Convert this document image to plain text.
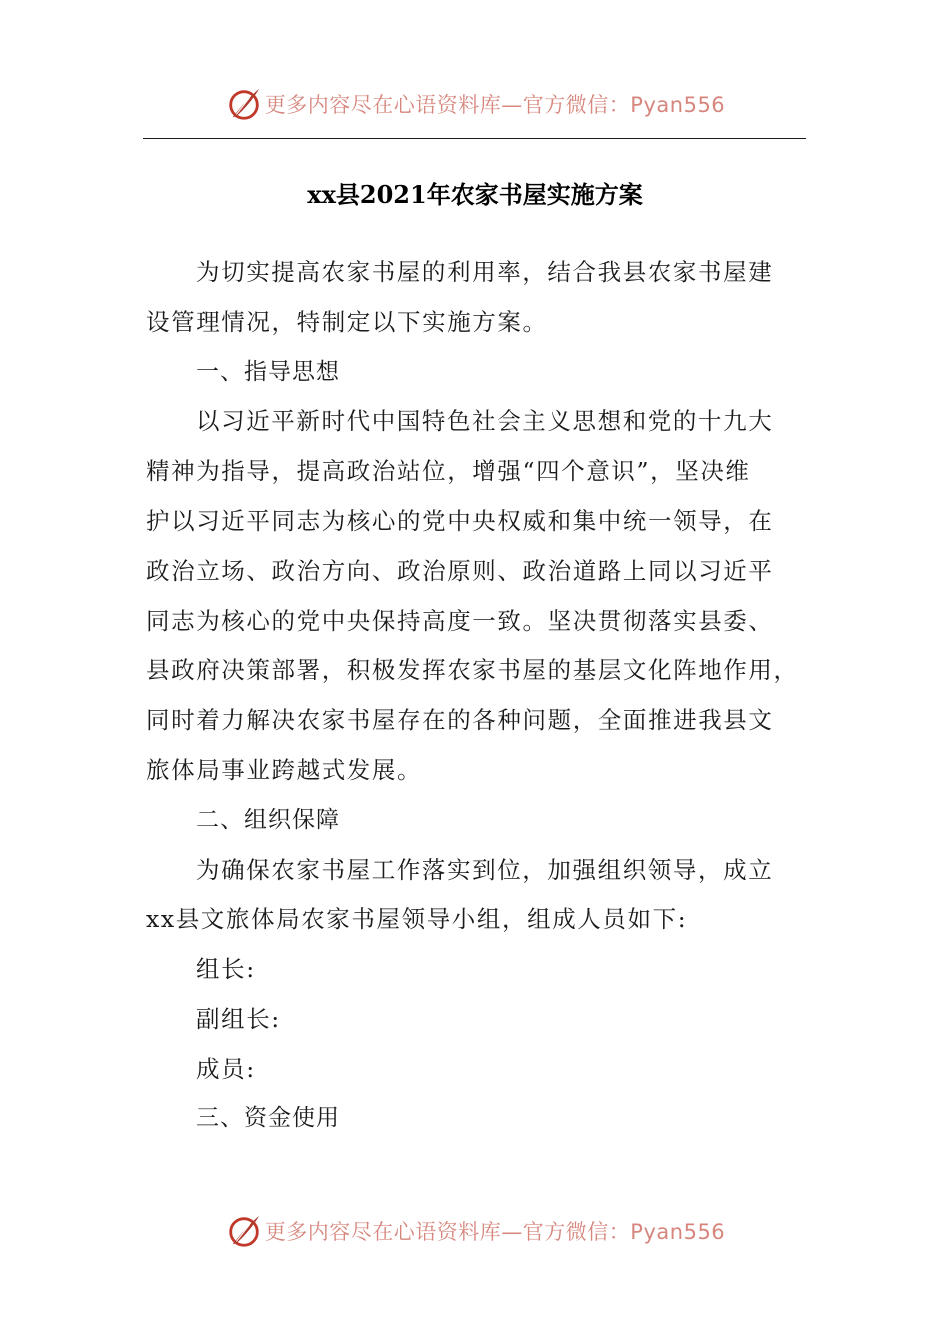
更多内容尽在心语资料库—官方微信：Pyan556
xx县2021年农家书屋实施方案
为切实提高农家书屋的利用率，结合我县农家书屋建
设管理情况，特制定以下实施方案。
一、指导思想
以习近平新时代中国特色社会主义思想和党的十九大
精神为指导，提高政治站位，增强“四个意识”，坚决维
护以习近平同志为核心的党中央权威和集中统一领导，在
政治立场、政治方向、政治原则、政治道路上同以习近平
同志为核心的党中央保持高度一致。坚决贯彻落实县委、
县政府决策部署，积极发挥农家书屋的基层文化阵地作用，
同时着力解决农家书屋存在的各种问题，全面推进我县文
旅体局事业跨越式发展。
二、组织保障
为确保农家书屋工作落实到位，加强组织领导，成立
xx县文旅体局农家书屋领导小组，组成人员如下:
组长:
副组长:
成员:
三、资金使用
更多内容尽在心语资料库—官方微信：Pyan556
